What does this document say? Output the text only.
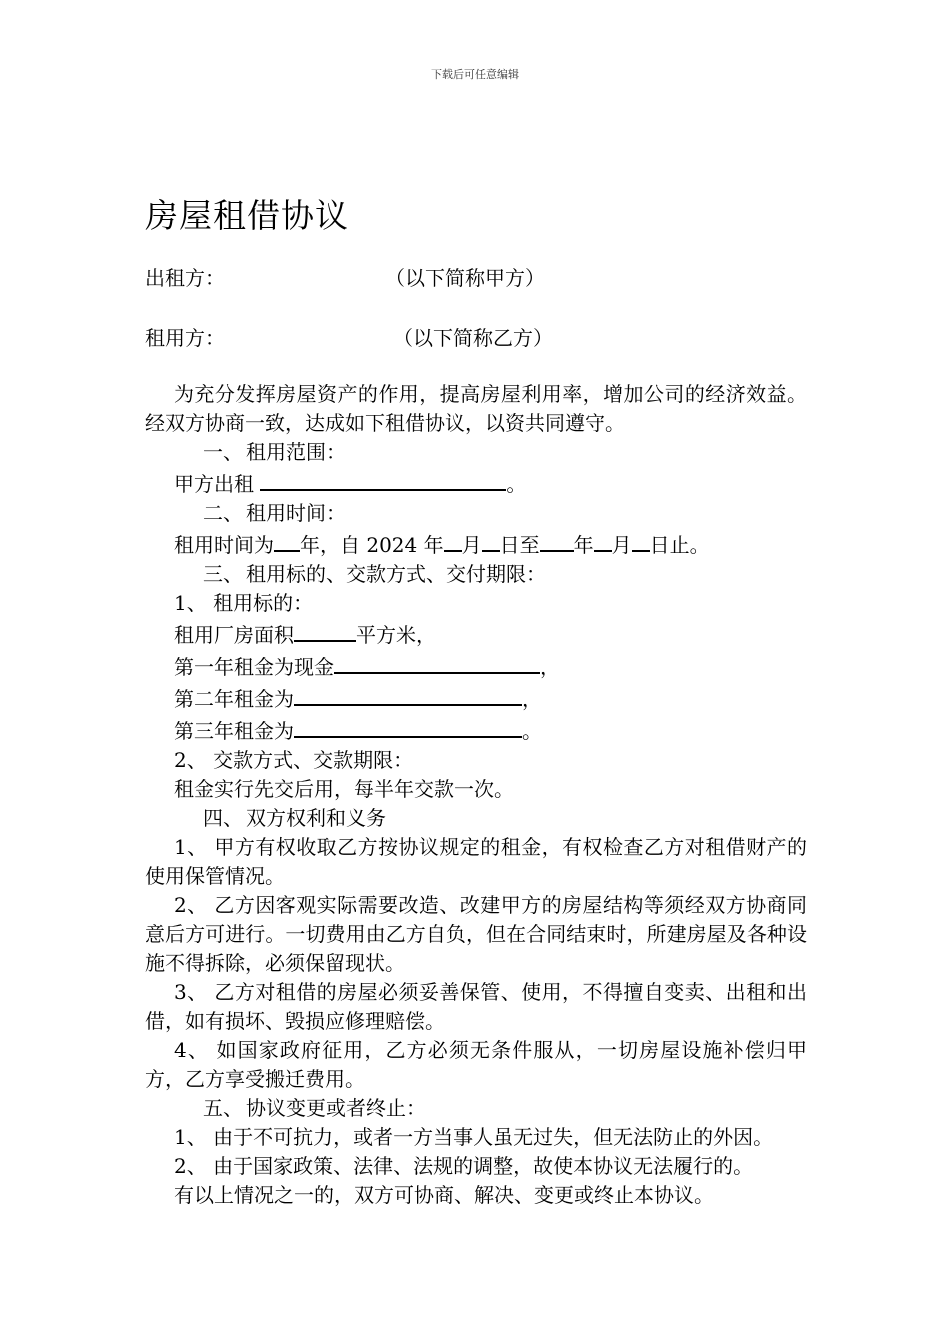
下载后可任意编辑
房屋租借协议
出租方：	（以下简称甲方）
租用方：	（以下简称乙方）

为充分发挥房屋资产的作用，提高房屋利用率，增加公司的经济效益。经双方协商一致，达成如下租借协议，以资共同遵守。

一、 租用范围：

甲方出租	。

二、 租用时间：

租用时间为 年，自 2024 年 月 日至 年 月 日止。

三、 租用标的、交款方式、交付期限：

1、 租用标的：

租用厂房面积	平方米，

第一年租金为现金	，

第二年租金为	，

第三年租金为	。

2、 交款方式、交款期限：

租金实行先交后用，每半年交款一次。

四、 双方权利和义务

1、 甲方有权收取乙方按协议规定的租金，有权检查乙方对租借财产的使用保管情况。

2、 乙方因客观实际需要改造、改建甲方的房屋结构等须经双方协商同意后方可进行。一切费用由乙方自负，但在合同结束时，所建房屋及各种设施不得拆除，必须保留现状。

3、 乙方对租借的房屋必须妥善保管、使用，不得擅自变卖、出租和出借，如有损坏、毁损应修理赔偿。

4、 如国家政府征用，乙方必须无条件服从，一切房屋设施补偿归甲方，乙方享受搬迁费用。

五、 协议变更或者终止：

1、 由于不可抗力，或者一方当事人虽无过失，但无法防止的外因。

2、 由于国家政策、法律、法规的调整，故使本协议无法履行的。

有以上情况之一的，双方可协商、解决、变更或终止本协议。
